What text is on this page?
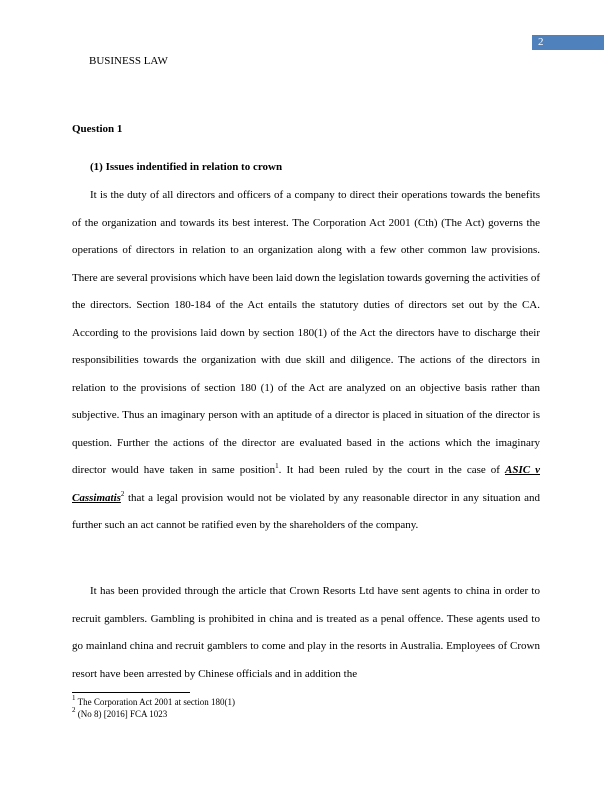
2
BUSINESS LAW
Question 1
(1) Issues indentified in relation to crown

It is the duty of all directors and officers of a company to direct their operations towards the benefits of the organization and towards its best interest. The Corporation Act 2001 (Cth) (The Act) governs the operations of directors in relation to an organization along with a few other common law provisions. There are several provisions which have been laid down the legislation towards governing the activities of the directors. Section 180-184 of the Act entails the statutory duties of directors set out by the CA. According to the provisions laid down by section 180(1) of the Act the directors have to discharge their responsibilities towards the organization with due skill and diligence. The actions of the directors in relation to the provisions of section 180 (1) of the Act are analyzed on an objective basis rather than subjective. Thus an imaginary person with an aptitude of a director is placed in situation of the director is question. Further the actions of the director are evaluated based in the actions which the imaginary director would have taken in same position$^1$. It had been ruled by the court in the case of ASIC v Cassimatis$^2$ that a legal provision would not be violated by any reasonable director in any situation and further such an act cannot be ratified even by the shareholders of the company.

It has been provided through the article that Crown Resorts Ltd have sent agents to china in order to recruit gamblers. Gambling is prohibited in china and is treated as a penal offence. These agents used to go mainland china and recruit gamblers to come and play in the resorts in Australia. Employees of Crown resort have been arrested by Chinese officials and in addition the

$^1$ The Corporation Act 2001 at section 180(1)
$^2$ (No 8) [2016] FCA 1023
